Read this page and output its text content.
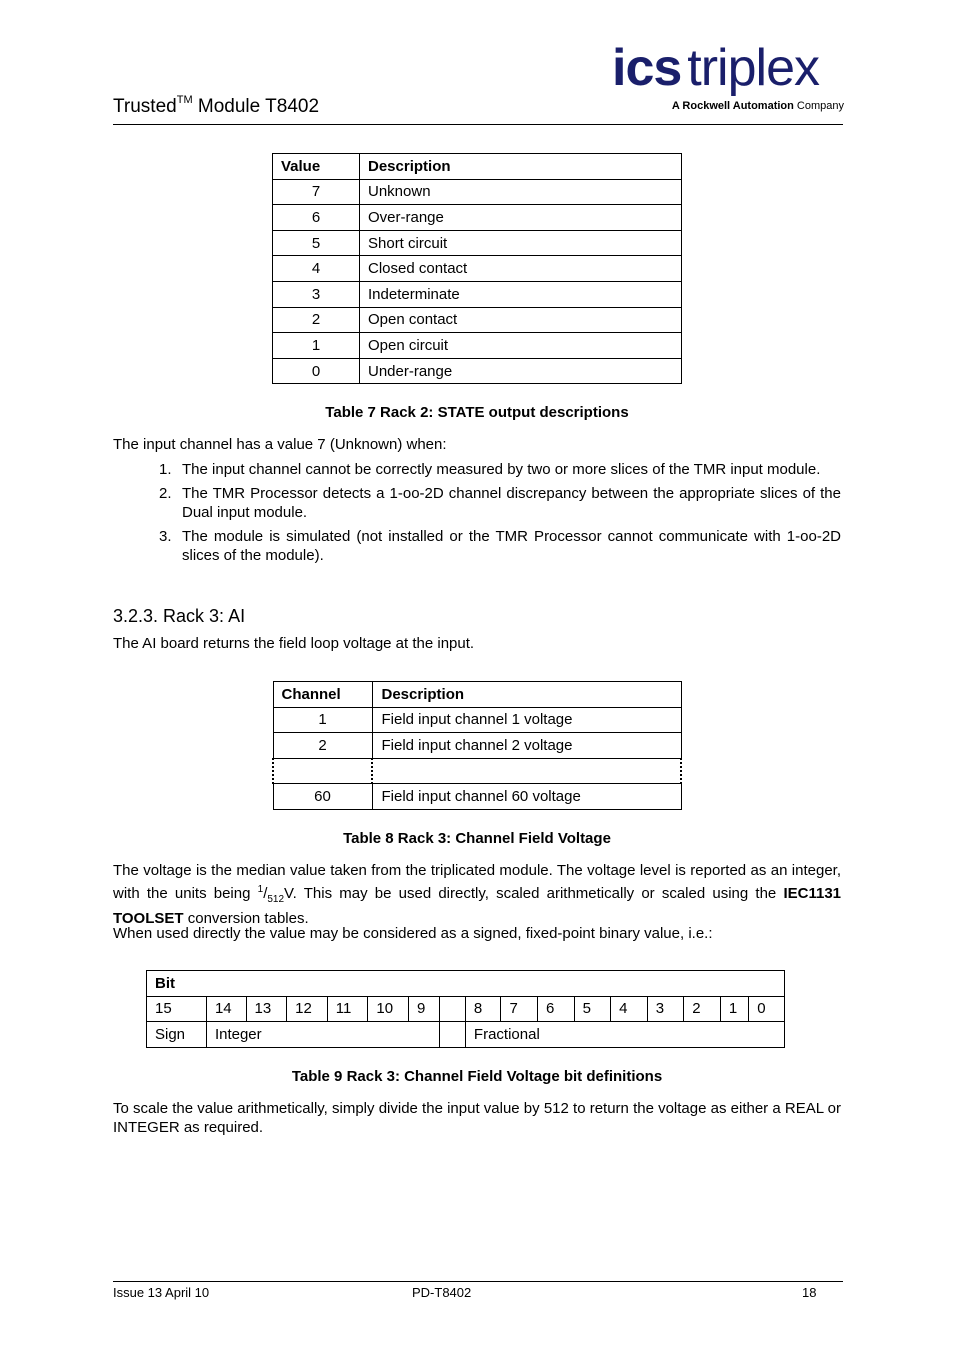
Trusted™ Module T8402
ics triplex
A Rockwell Automation Company
Value	Description
7	Unknown
6	Over-range
5	Short circuit
4	Closed contact
3	Indeterminate
2	Open contact
1	Open circuit
0	Under-range
Table 7 Rack 2: STATE output descriptions
The input channel has a value 7 (Unknown) when:
1. The input channel cannot be correctly measured by two or more slices of the TMR input module.
2. The TMR Processor detects a 1-oo-2D channel discrepancy between the appropriate slices of the Dual input module.
3. The module is simulated (not installed or the TMR Processor cannot communicate with 1-oo-2D slices of the module).
3.2.3. Rack 3: AI
The AI board returns the field loop voltage at the input.
Channel	Description
1	Field input channel 1 voltage
2	Field input channel 2 voltage

60	Field input channel 60 voltage
Table 8 Rack 3: Channel Field Voltage
The voltage is the median value taken from the triplicated module. The voltage level is reported as an integer, with the units being $^1/_{512}V$. This may be used directly, scaled arithmetically or scaled using the IEC1131 TOOLSET conversion tables.
When used directly the value may be considered as a signed, fixed-point binary value, i.e.:
Bit																
15	14	13	12	11	10	9		8	7	6	5	4	3	2	1	0
Sign	Integer							Fractional								
Table 9 Rack 3: Channel Field Voltage bit definitions
To scale the value arithmetically, simply divide the input value by 512 to return the voltage as either a REAL or INTEGER as required.
Issue 13 April 10	PD-T8402	18
